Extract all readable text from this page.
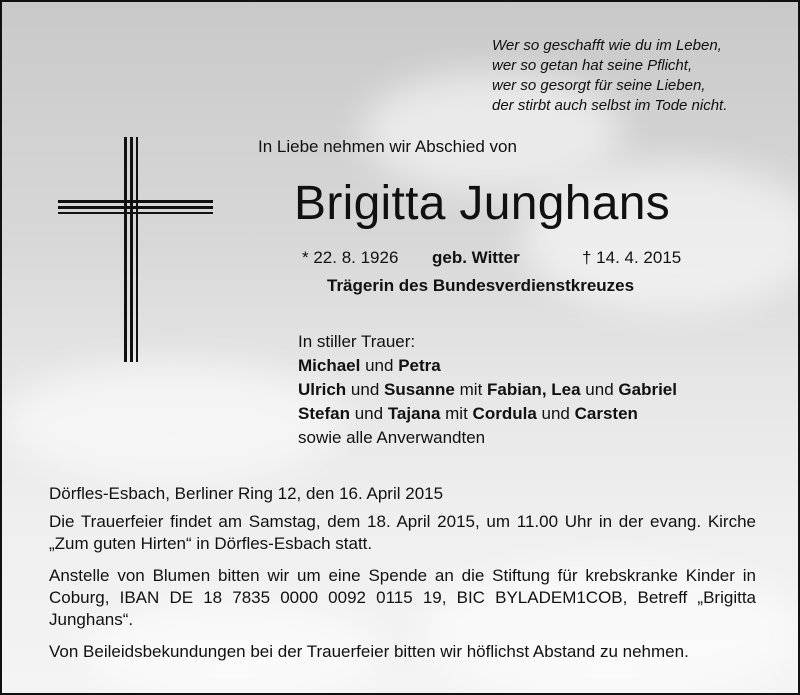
Wer so geschafft wie du im Leben,
wer so getan hat seine Pflicht,
wer so gesorgt für seine Lieben,
der stirbt auch selbst im Tode nicht.
In Liebe nehmen wir Abschied von
Brigitta Junghans
* 22. 8. 1926 geb. Witter	† 14. 4. 2015
Trägerin des Bundesverdienstkreuzes
In stiller Trauer:
Michael und Petra
Ulrich und Susanne mit Fabian, Lea und Gabriel
Stefan und Tajana mit Cordula und Carsten
sowie alle Anverwandten

Dörfles-Esbach, Berliner Ring 12, den 16. April 2015

Die Trauerfeier findet am Samstag, dem 18. April 2015, um 11.00 Uhr in der evang. Kirche „Zum guten Hirten“ in Dörfles-Esbach statt.

Anstelle von Blumen bitten wir um eine Spende an die Stiftung für krebskranke Kinder in Coburg, IBAN DE 18 7835 0000 0092 0115 19, BIC BYLADEM1COB, Betreff „Brigitta Junghans“.

Von Beileidsbekundungen bei der Trauerfeier bitten wir höflichst Abstand zu nehmen.
